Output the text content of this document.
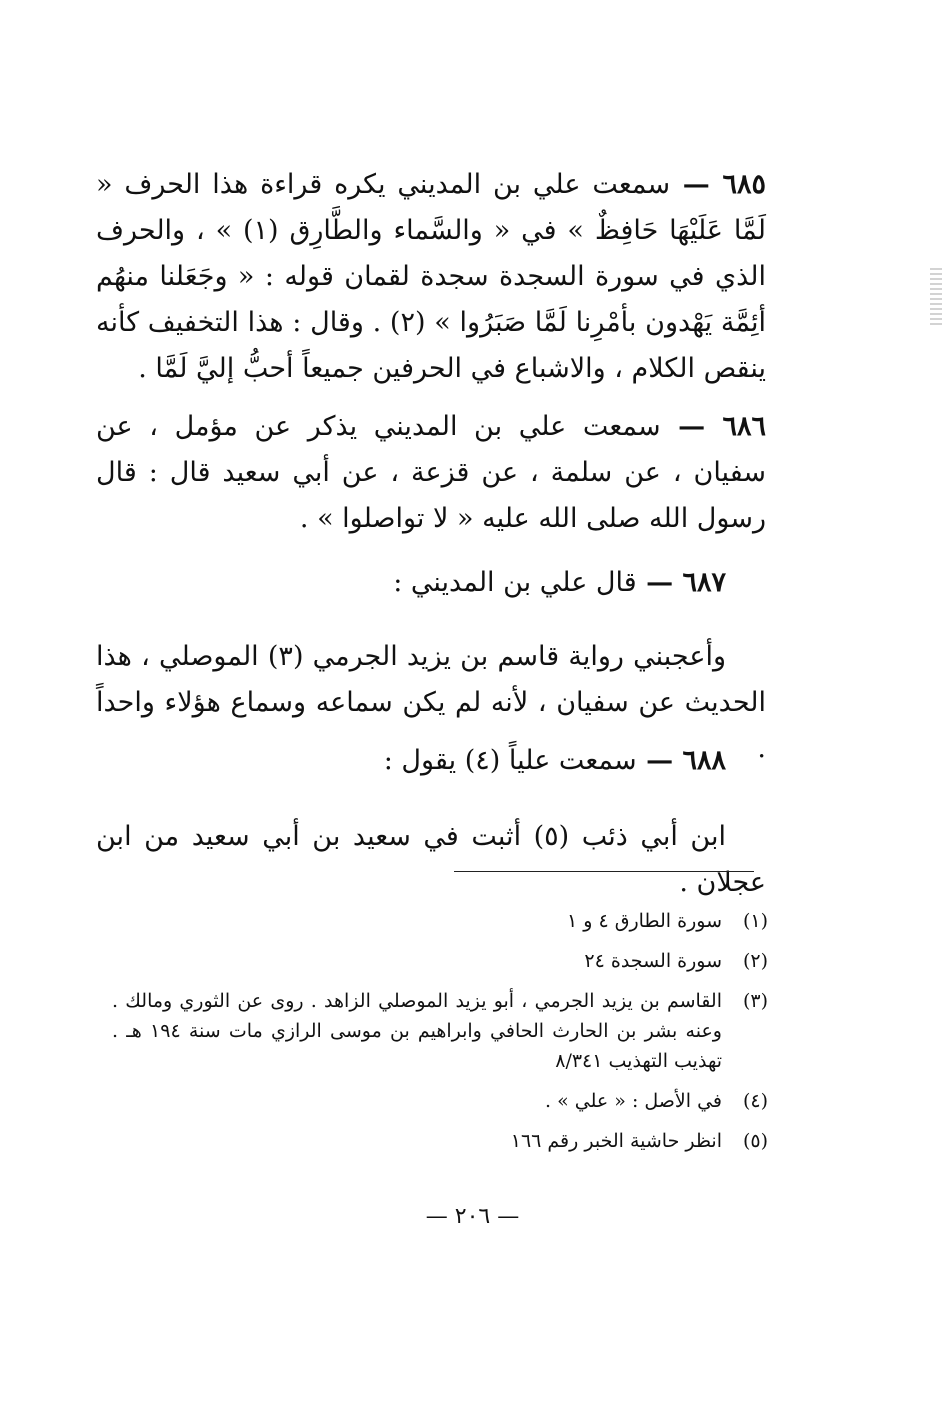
٦٨٥ — سمعت علي بن المديني يكره قراءة هذا الحرف « لَمَّا عَلَيْهَا حَافِظٌ » في « والسَّماء والطَّارِق (١) » ، والحرف الذي في سورة السجدة سجدة لقمان قوله : « وجَعَلنا منهُم أئِمَّة يَهْدون بأمْرِنا لَمَّا صَبَرُوا » (٢) . وقال : هذا التخفيف كأنه ينقص الكلام ، والاشباع في الحرفين جميعاً أحبُّ إليَّ لَمَّا .

٦٨٦ — سمعت علي بن المديني يذكر عن مؤمل ، عن سفيان ، عن سلمة ، عن قزعة ، عن أبي سعيد قال : قال رسول الله صلى الله عليه « لا تواصلوا » .

٦٨٧ — قال علي بن المديني :

وأعجبني رواية قاسم بن يزيد الجرمي (٣) الموصلي ، هذا الحديث عن سفيان ، لأنه لم يكن سماعه وسماع هؤلاء واحداً .

٦٨٨ — سمعت علياً (٤) يقول :

ابن أبي ذئب (٥) أثبت في سعيد بن أبي سعيد من ابن عجلان .

(١)
سورة الطارق ٤ و ١
(٢)
سورة السجدة ٢٤
(٣)
القاسم بن يزيد الجرمي ، أبو يزيد الموصلي الزاهد . روى عن الثوري ومالك . وعنه بشر بن الحارث الحافي وابراهيم بن موسى الرازي مات سنة ١٩٤ هـ . تهذيب التهذيب ٨/٣٤١
(٤)
في الأصل : « علي » .
(٥)
انظر حاشية الخبر رقم ١٦٦
— ٢٠٦ —
